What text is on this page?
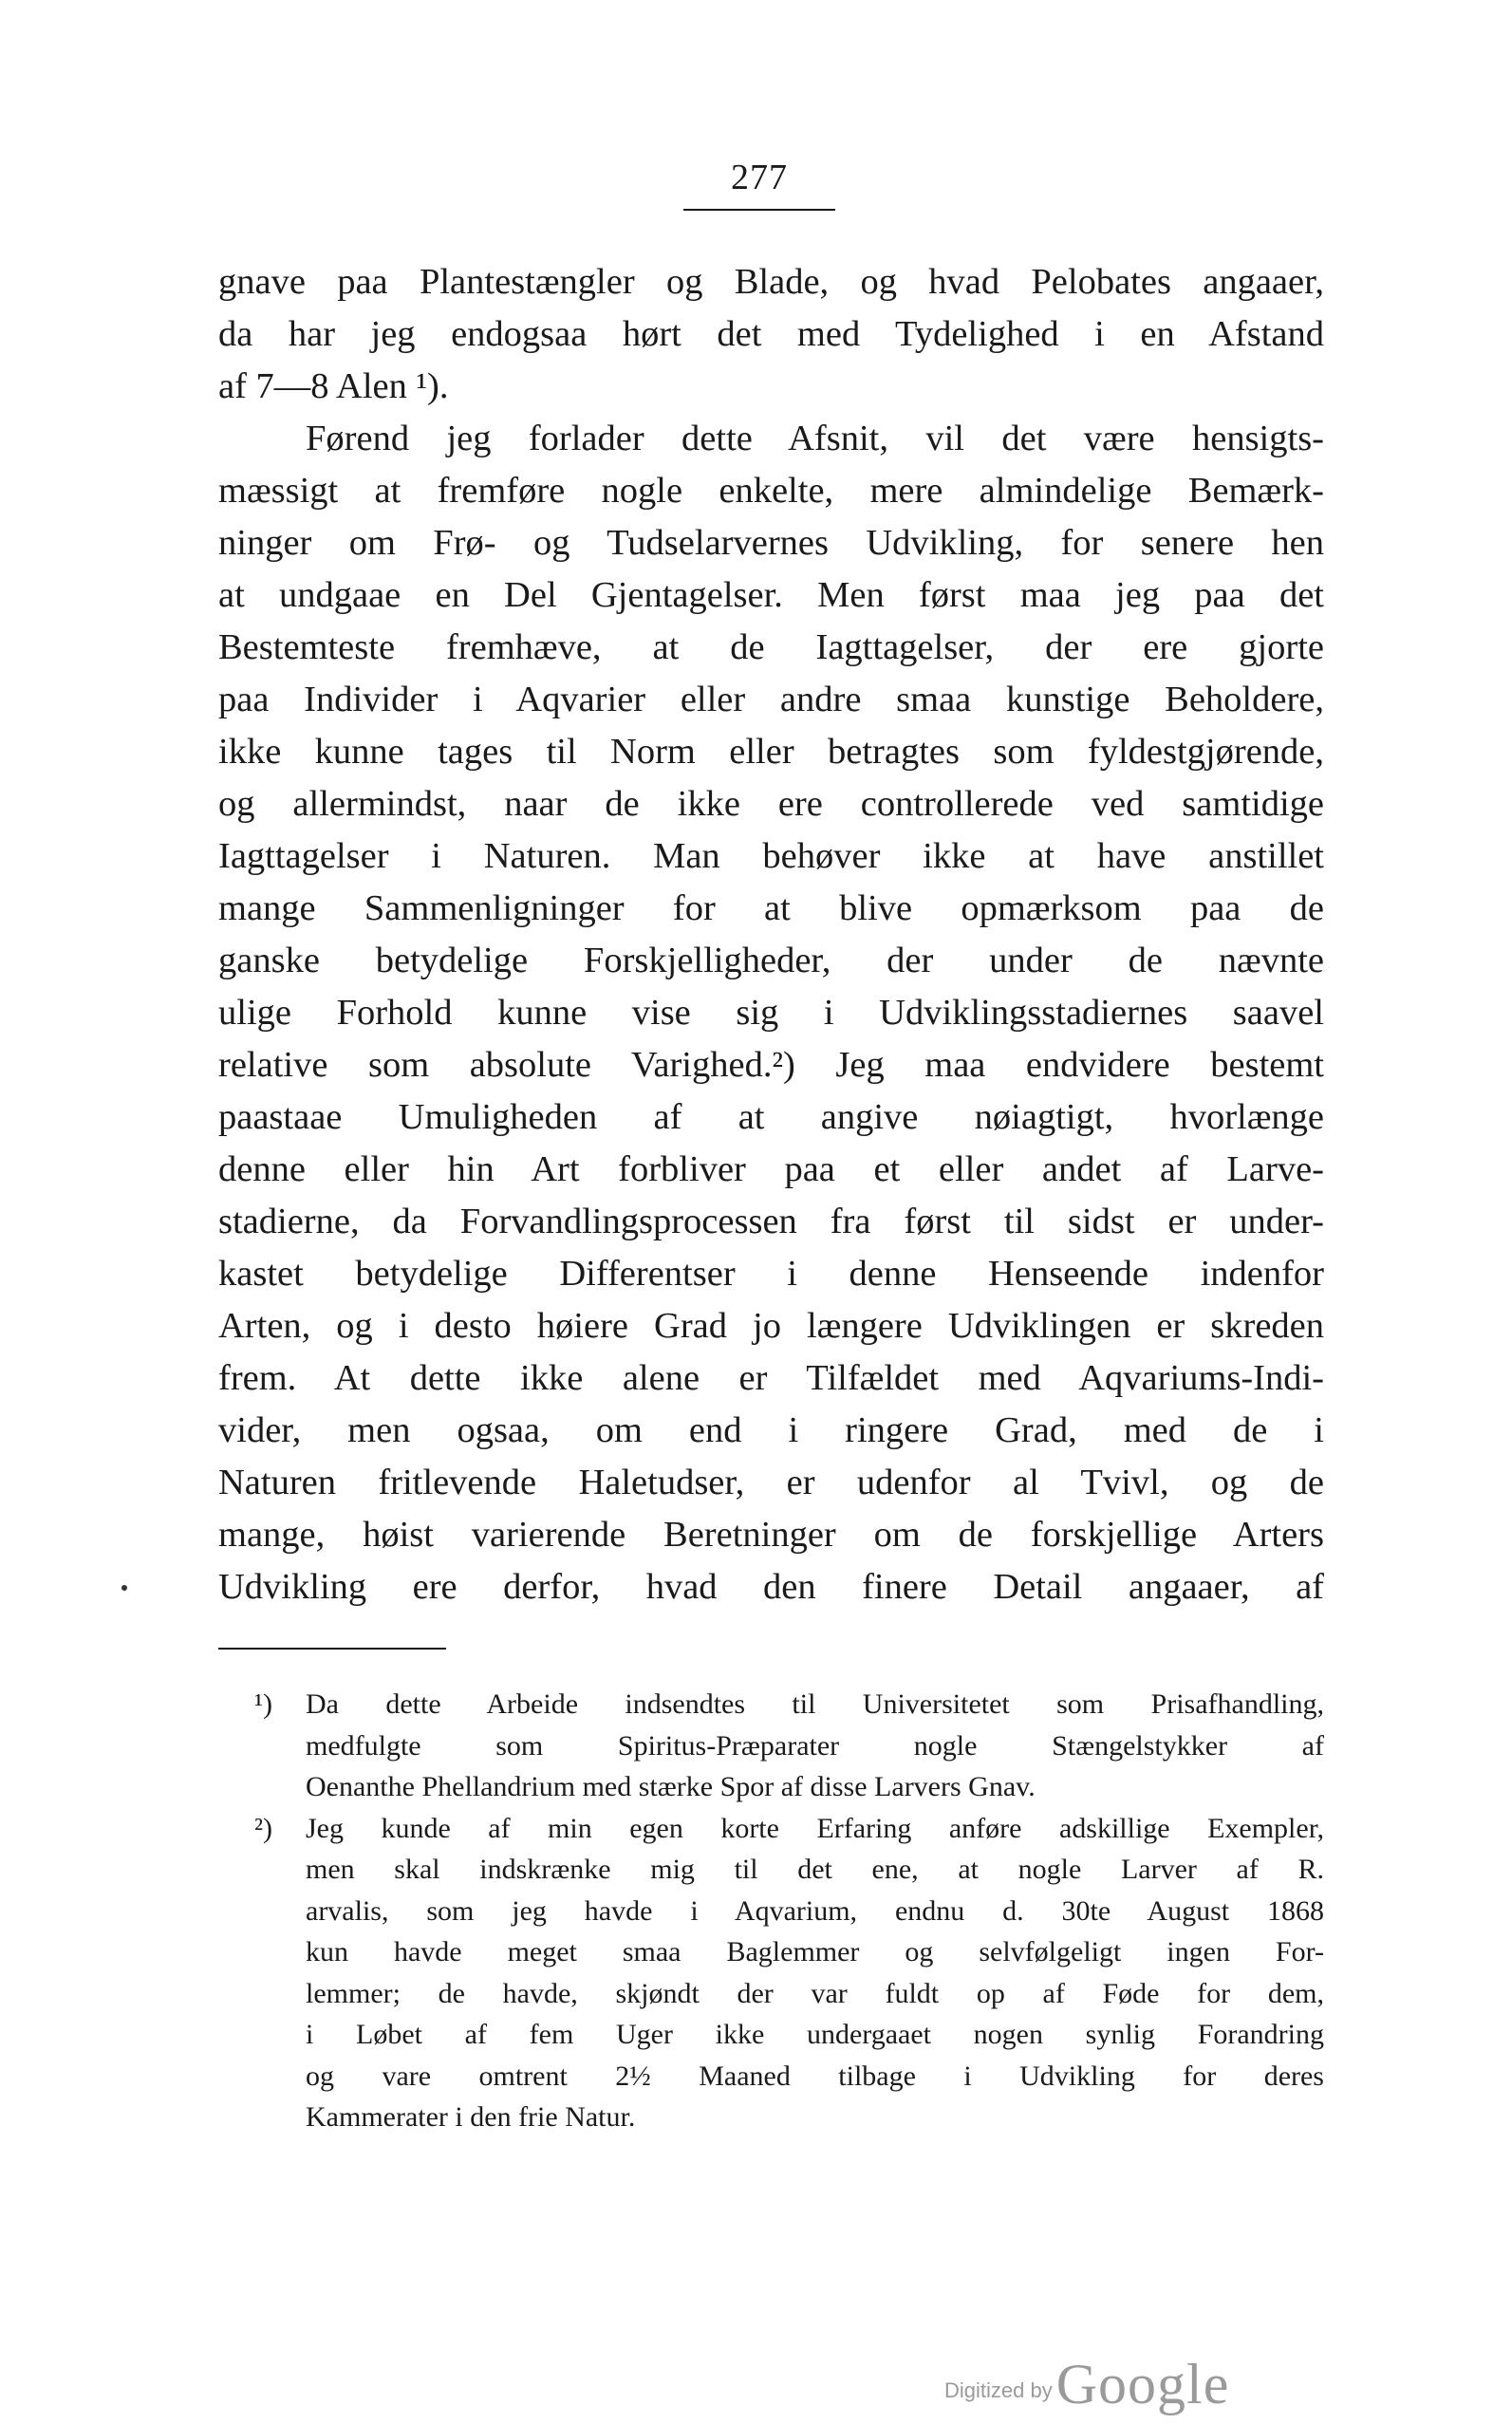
277
gnave paa Plantestængler og Blade, og hvad Pelobates angaaer,
da har jeg endogsaa hørt det med Tydelighed i en Afstand
af 7—8 Alen ¹).
Førend jeg forlader dette Afsnit, vil det være hensigts-
mæssigt at fremføre nogle enkelte, mere almindelige Bemærk-
ninger om Frø- og Tudselarvernes Udvikling, for senere hen
at undgaae en Del Gjentagelser. Men først maa jeg paa det
Bestemteste fremhæve, at de Iagttagelser, der ere gjorte
paa Individer i Aqvarier eller andre smaa kunstige Beholdere,
ikke kunne tages til Norm eller betragtes som fyldestgjørende,
og allermindst, naar de ikke ere controllerede ved samtidige
Iagttagelser i Naturen. Man behøver ikke at have anstillet
mange Sammenligninger for at blive opmærksom paa de
ganske betydelige Forskjelligheder, der under de nævnte
ulige Forhold kunne vise sig i Udviklingsstadiernes saavel
relative som absolute Varighed.²) Jeg maa endvidere bestemt
paastaae Umuligheden af at angive nøiagtigt, hvorlænge
denne eller hin Art forbliver paa et eller andet af Larve-
stadierne, da Forvandlingsprocessen fra først til sidst er under-
kastet betydelige Differentser i denne Henseende indenfor
Arten, og i desto høiere Grad jo længere Udviklingen er skreden
frem. At dette ikke alene er Tilfældet med Aqvariums-Indi-
vider, men ogsaa, om end i ringere Grad, med de i
Naturen fritlevende Haletudser, er udenfor al Tvivl, og de
mange, høist varierende Beretninger om de forskjellige Arters
Udvikling ere derfor, hvad den finere Detail angaaer, af
¹) Da dette Arbeide indsendtes til Universitetet som Prisafhandling,
medfulgte som Spiritus-Præparater nogle Stængelstykker af
Oenanthe Phellandrium med stærke Spor af disse Larvers Gnav.
²) Jeg kunde af min egen korte Erfaring anføre adskillige Exempler,
men skal indskrænke mig til det ene, at nogle Larver af R.
arvalis, som jeg havde i Aqvarium, endnu d. 30te August 1868
kun havde meget smaa Baglemmer og selvfølgeligt ingen For-
lemmer; de havde, skjøndt der var fuldt op af Føde for dem,
i Løbet af fem Uger ikke undergaaet nogen synlig Forandring
og vare omtrent 2½ Maaned tilbage i Udvikling for deres
Kammerater i den frie Natur.
Digitized by Google
